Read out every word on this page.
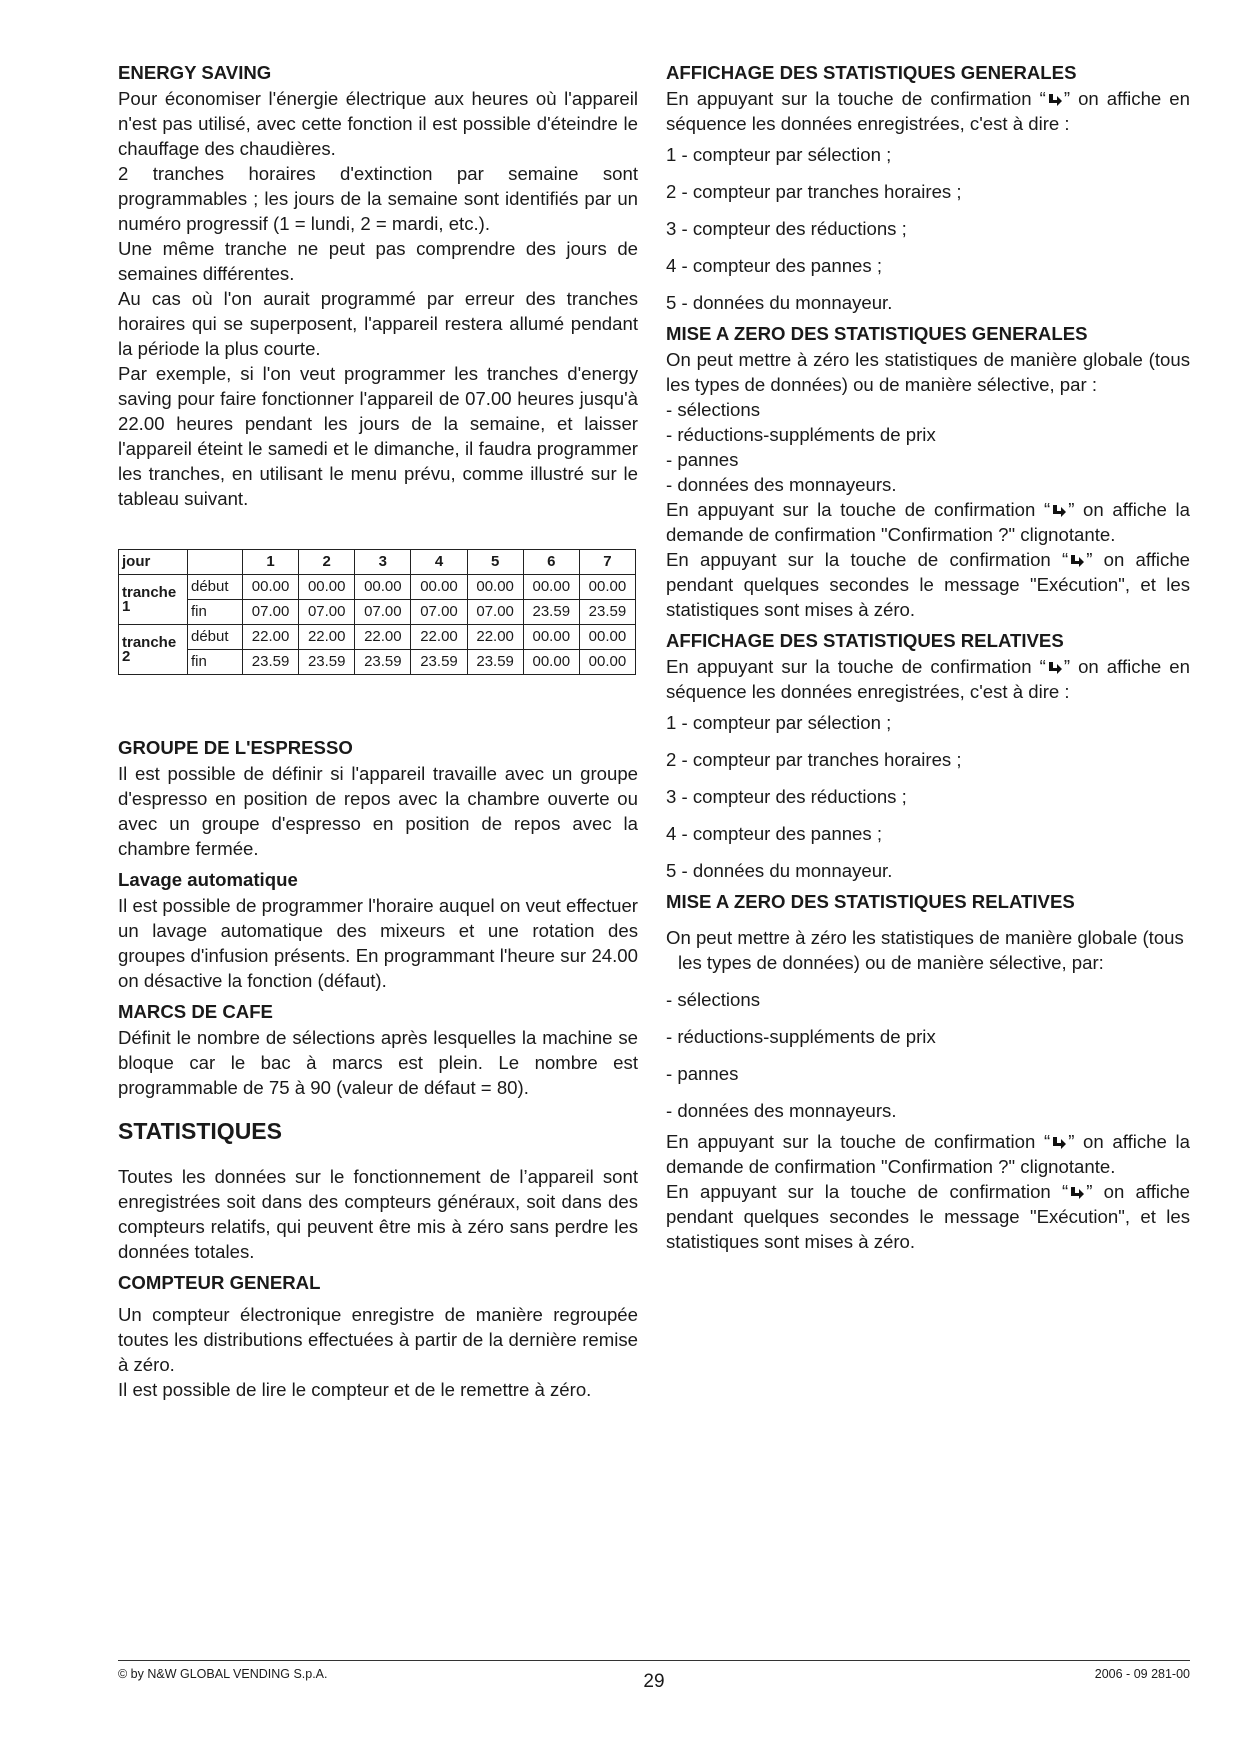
ENERGY SAVING

Pour économiser l'énergie électrique aux heures où l'appareil n'est pas utilisé, avec cette fonction il est possible d'éteindre le chauffage des chaudières.

2 tranches horaires d'extinction par semaine sont programmables ; les jours de la semaine sont identifiés par un numéro progressif (1 = lundi, 2 = mardi, etc.).

Une même tranche ne peut pas comprendre des jours de semaines différentes.

Au cas où l'on aurait programmé par erreur des tranches horaires qui se superposent, l'appareil restera allumé pendant la période la plus courte.

Par exemple, si l'on veut programmer les tranches d'energy saving pour faire fonctionner l'appareil de 07.00 heures jusqu'à 22.00 heures pendant les jours de la semaine, et laisser l'appareil éteint le samedi et le dimanche, il faudra programmer les tranches, en utilisant le menu prévu, comme illustré sur le tableau suivant.

jour		1	2	3	4	5	6	7
tranche 1	début	00.00	00.00	00.00	00.00	00.00	00.00	00.00
	fin	07.00	07.00	07.00	07.00	07.00	23.59	23.59
tranche 2	début	22.00	22.00	22.00	22.00	22.00	00.00	00.00
	fin	23.59	23.59	23.59	23.59	23.59	00.00	00.00
GROUPE DE L'ESPRESSO

Il est possible de définir si l'appareil travaille avec un groupe d'espresso en position de repos avec la chambre ouverte ou avec un groupe d'espresso en position de repos avec la chambre fermée.

Lavage automatique

Il est possible de programmer l'horaire auquel on veut effectuer un lavage automatique des mixeurs et une rotation des groupes d'infusion présents. En programmant l'heure sur 24.00 on désactive la fonction (défaut).

MARCS DE CAFE

Définit le nombre de sélections après lesquelles la machine se bloque car le bac à marcs est plein. Le nombre est programmable de 75 à 90 (valeur de défaut = 80).

STATISTIQUES

Toutes les données sur le fonctionnement de l’appareil sont enregistrées soit dans des compteurs généraux, soit dans des compteurs relatifs, qui peuvent être mis à zéro sans perdre les données totales.

COMPTEUR GENERAL

Un compteur électronique enregistre de manière regroupée toutes les distributions effectuées à partir de la dernière remise à zéro.

Il est possible de lire le compteur et de le remettre à zéro.

AFFICHAGE DES STATISTIQUES GENERALES

En appuyant sur la touche de confirmation “ ” on affiche en séquence les données enregistrées, c'est à dire :

1 - compteur par sélection ;

2 - compteur par tranches horaires ;

3 - compteur des réductions ;

4 - compteur des pannes ;

5 - données du monnayeur.

MISE A ZERO DES STATISTIQUES GENERALES

On peut mettre à zéro les statistiques de manière globale (tous les types de données) ou de manière sélective, par :

- sélections

- réductions-suppléments de prix

- pannes

- données des monnayeurs.

En appuyant sur la touche de confirmation “ ” on affiche la demande de confirmation "Confirmation ?" clignotante.

En appuyant sur la touche de confirmation “ ” on affiche pendant quelques secondes le message "Exécution", et les statistiques sont mises à zéro.

AFFICHAGE DES STATISTIQUES RELATIVES

En appuyant sur la touche de confirmation “ ” on affiche en séquence les données enregistrées, c'est à dire :

1 - compteur par sélection ;

2 - compteur par tranches horaires ;

3 - compteur des réductions ;

4 - compteur des pannes ;

5 - données du monnayeur.

MISE A ZERO DES STATISTIQUES RELATIVES

On peut mettre à zéro les statistiques de manière globale (tous les types de données) ou de manière sélective, par:

- sélections

- réductions-suppléments de prix

- pannes

- données des monnayeurs.

En appuyant sur la touche de confirmation “ ” on affiche la demande de confirmation "Confirmation ?" clignotante.

En appuyant sur la touche de confirmation “ ” on affiche pendant quelques secondes le message "Exécution", et les statistiques sont mises à zéro.

© by N&W GLOBAL VENDING S.p.A.	29	2006 - 09 281-00
